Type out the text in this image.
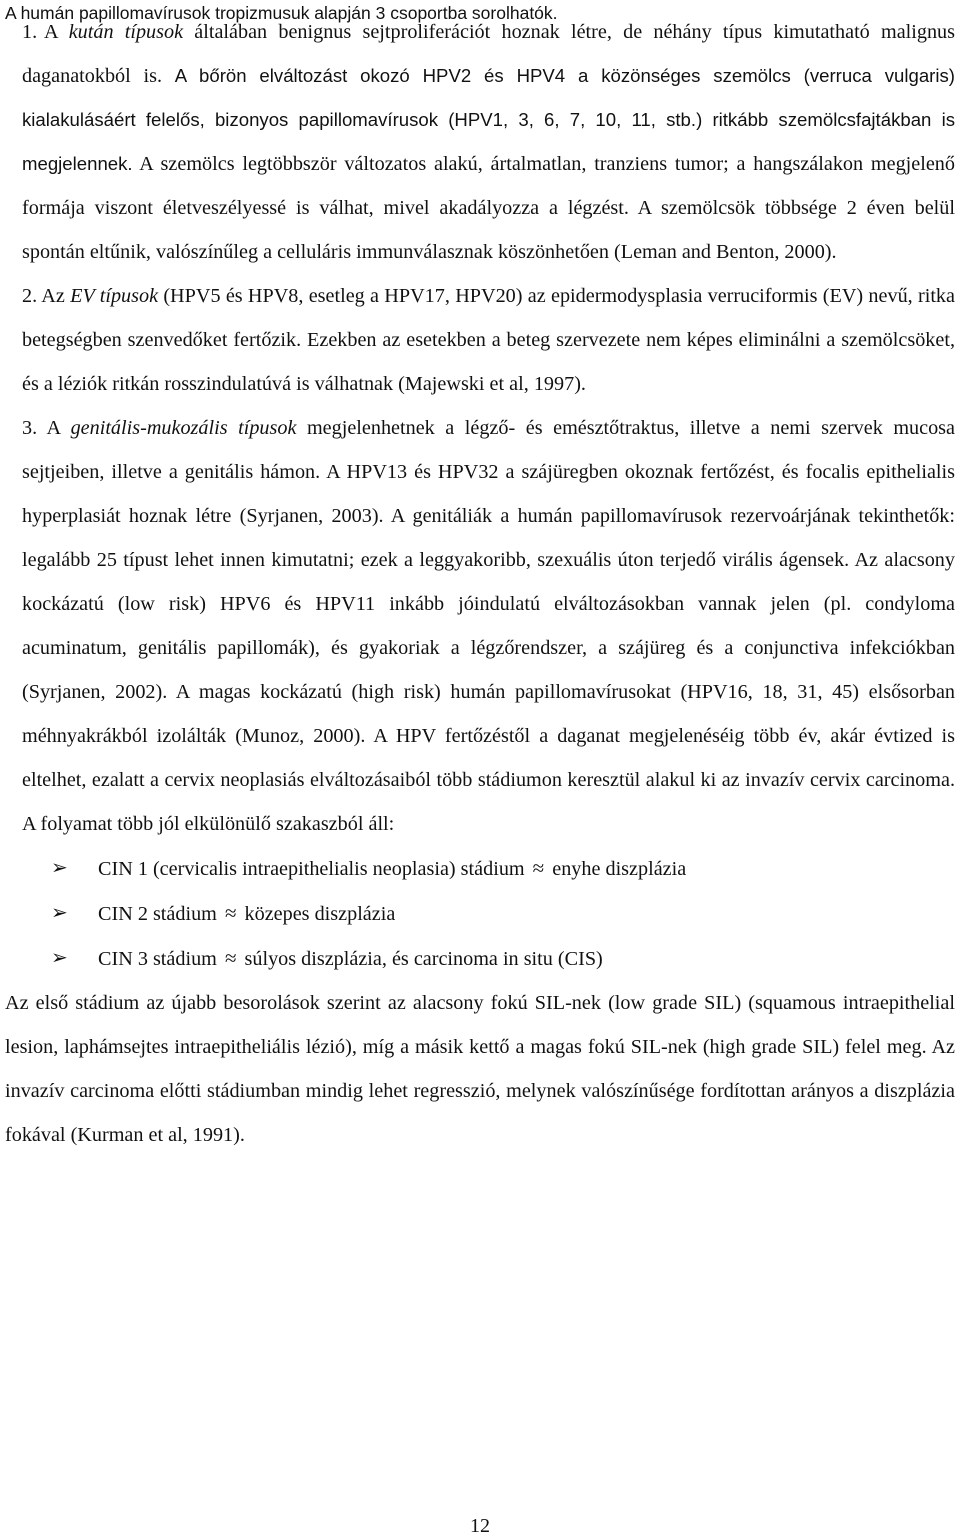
A humán papillomavírusok tropizmusuk alapján 3 csoportba sorolhatók.

1. A kután típusok általában benignus sejtproliferációt hoznak létre, de néhány típus kimutatható malignus daganatokból is. A bőrön elváltozást okozó HPV2 és HPV4 a közönséges szemölcs (verruca vulgaris) kialakulásáért felelős, bizonyos papillomavírusok (HPV1, 3, 6, 7, 10, 11, stb.) ritkább szemölcsfajtákban is megjelennek. A szemölcs legtöbbször változatos alakú, ártalmatlan, tranziens tumor; a hangszálakon megjelenő formája viszont életveszélyessé is válhat, mivel akadályozza a légzést. A szemölcsök többsége 2 éven belül spontán eltűnik, valószínűleg a celluláris immunválasznak köszönhetően (Leman and Benton, 2000).

2. Az EV típusok (HPV5 és HPV8, esetleg a HPV17, HPV20) az epidermodysplasia verruciformis (EV) nevű, ritka betegségben szenvedőket fertőzik. Ezekben az esetekben a beteg szervezete nem képes eliminálni a szemölcsöket, és a léziók ritkán rosszindulatúvá is válhatnak (Majewski et al, 1997).

3. A genitális-mukozális típusok megjelenhetnek a légző- és emésztőtraktus, illetve a nemi szervek mucosa sejtjeiben, illetve a genitális hámon. A HPV13 és HPV32 a szájüregben okoznak fertőzést, és focalis epithelialis hyperplasiát hoznak létre (Syrjanen, 2003). A genitáliák a humán papillomavírusok rezervoárjának tekinthetők: legalább 25 típust lehet innen kimutatni; ezek a leggyakoribb, szexuális úton terjedő virális ágensek. Az alacsony kockázatú (low risk) HPV6 és HPV11 inkább jóindulatú elváltozásokban vannak jelen (pl. condyloma acuminatum, genitális papillomák), és gyakoriak a légzőrendszer, a szájüreg és a conjunctiva infekciókban (Syrjanen, 2002). A magas kockázatú (high risk) humán papillomavírusokat (HPV16, 18, 31, 45) elsősorban méhnyakrákból izolálták (Munoz, 2000). A HPV fertőzéstől a daganat megjelenéséig több év, akár évtized is eltelhet, ezalatt a cervix neoplasiás elváltozásaiból több stádiumon keresztül alakul ki az invazív cervix carcinoma. A folyamat több jól elkülönülő szakaszból áll:

➢ CIN 1 (cervicalis intraepithelialis neoplasia) stádium ≈ enyhe diszplázia
➢ CIN 2 stádium ≈ közepes diszplázia
➢ CIN 3 stádium ≈ súlyos diszplázia, és carcinoma in situ (CIS)

Az első stádium az újabb besorolások szerint az alacsony fokú SIL-nek (low grade SIL) (squamous intraepithelial lesion, laphámsejtes intraepitheliális lézió), míg a másik kettő a magas fokú SIL-nek (high grade SIL) felel meg. Az invazív carcinoma előtti stádiumban mindig lehet regresszió, melynek valószínűsége fordítottan arányos a diszplázia fokával (Kurman et al, 1991).

12
